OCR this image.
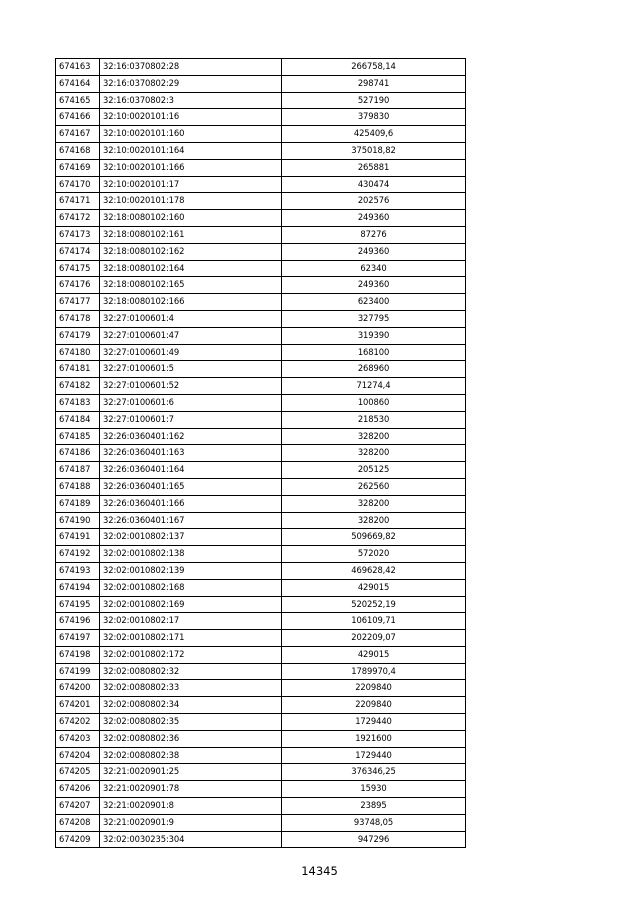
674163	32:16:0370802:28	266758,14
674164	32:16:0370802:29	298741
674165	32:16:0370802:3	527190
674166	32:10:0020101:16	379830
674167	32:10:0020101:160	425409,6
674168	32:10:0020101:164	375018,82
674169	32:10:0020101:166	265881
674170	32:10:0020101:17	430474
674171	32:10:0020101:178	202576
674172	32:18:0080102:160	249360
674173	32:18:0080102:161	87276
674174	32:18:0080102:162	249360
674175	32:18:0080102:164	62340
674176	32:18:0080102:165	249360
674177	32:18:0080102:166	623400
674178	32:27:0100601:4	327795
674179	32:27:0100601:47	319390
674180	32:27:0100601:49	168100
674181	32:27:0100601:5	268960
674182	32:27:0100601:52	71274,4
674183	32:27:0100601:6	100860
674184	32:27:0100601:7	218530
674185	32:26:0360401:162	328200
674186	32:26:0360401:163	328200
674187	32:26:0360401:164	205125
674188	32:26:0360401:165	262560
674189	32:26:0360401:166	328200
674190	32:26:0360401:167	328200
674191	32:02:0010802:137	509669,82
674192	32:02:0010802:138	572020
674193	32:02:0010802:139	469628,42
674194	32:02:0010802:168	429015
674195	32:02:0010802:169	520252,19
674196	32:02:0010802:17	106109,71
674197	32:02:0010802:171	202209,07
674198	32:02:0010802:172	429015
674199	32:02:0080802:32	1789970,4
674200	32:02:0080802:33	2209840
674201	32:02:0080802:34	2209840
674202	32:02:0080802:35	1729440
674203	32:02:0080802:36	1921600
674204	32:02:0080802:38	1729440
674205	32:21:0020901:25	376346,25
674206	32:21:0020901:78	15930
674207	32:21:0020901:8	23895
674208	32:21:0020901:9	93748,05
674209	32:02:0030235:304	947296
14345
